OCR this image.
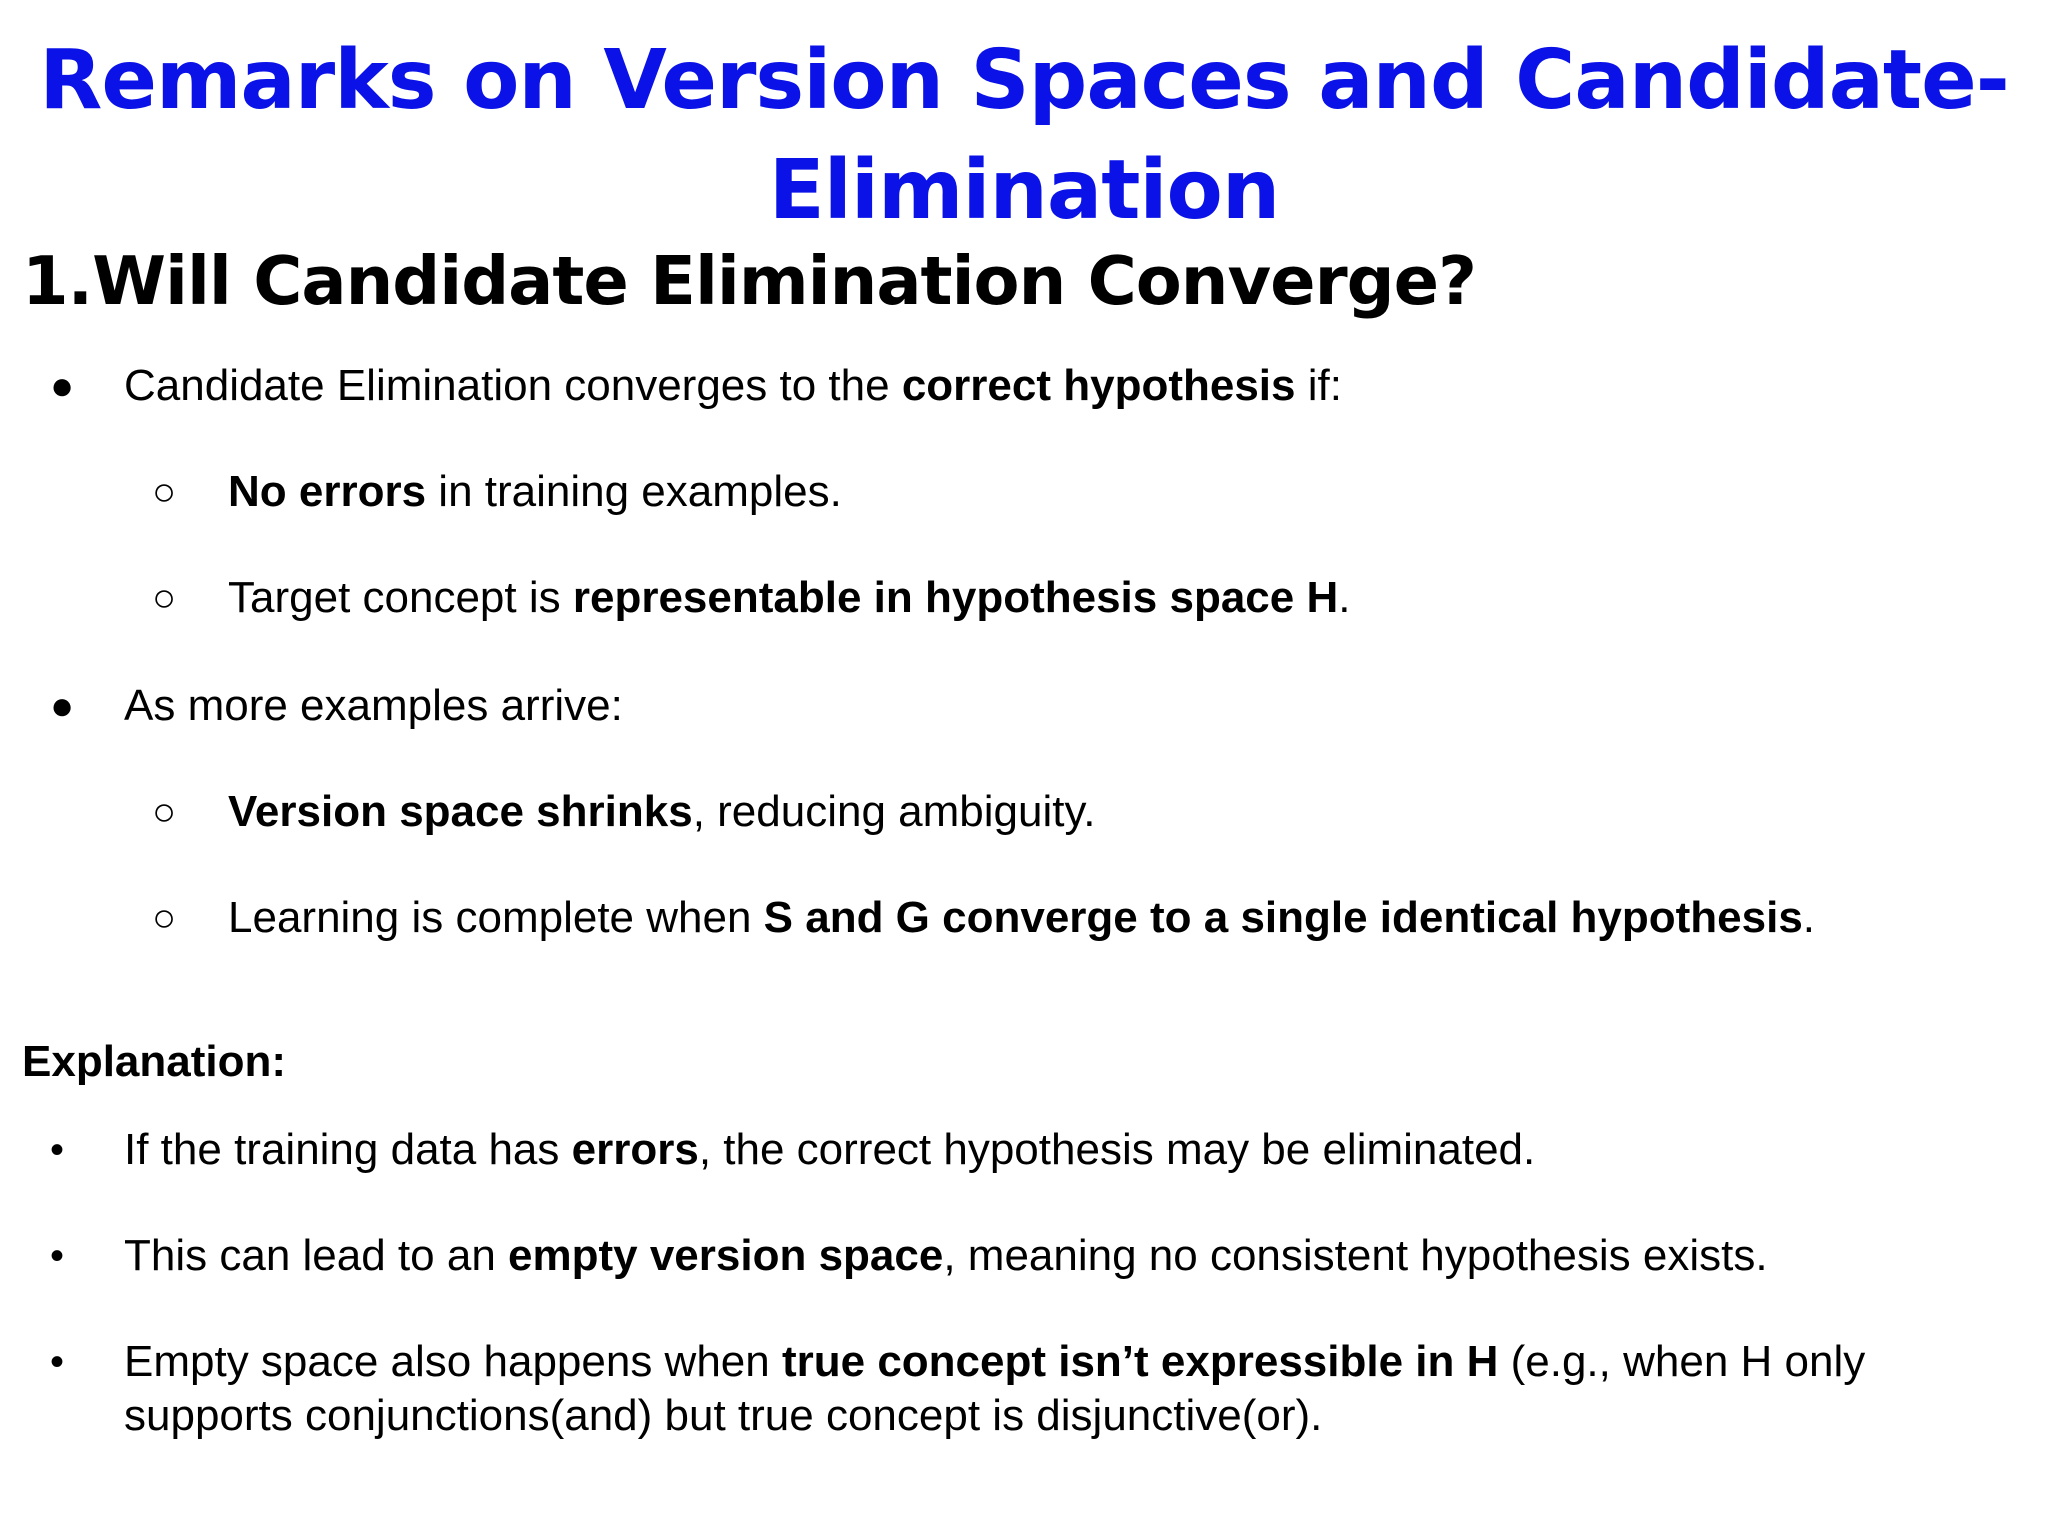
Remarks on Version Spaces and Candidate-Elimination
1.Will Candidate Elimination Converge?
● Candidate Elimination converges to the correct hypothesis if:
○ No errors in training examples.
○ Target concept is representable in hypothesis space H.
● As more examples arrive:
○ Version space shrinks, reducing ambiguity.
○ Learning is complete when S and G converge to a single identical hypothesis.
Explanation:
• If the training data has errors, the correct hypothesis may be eliminated.
• This can lead to an empty version space, meaning no consistent hypothesis exists.
• Empty space also happens when true concept isn’t expressible in H (e.g., when H only
supports conjunctions(and) but true concept is disjunctive(or).
